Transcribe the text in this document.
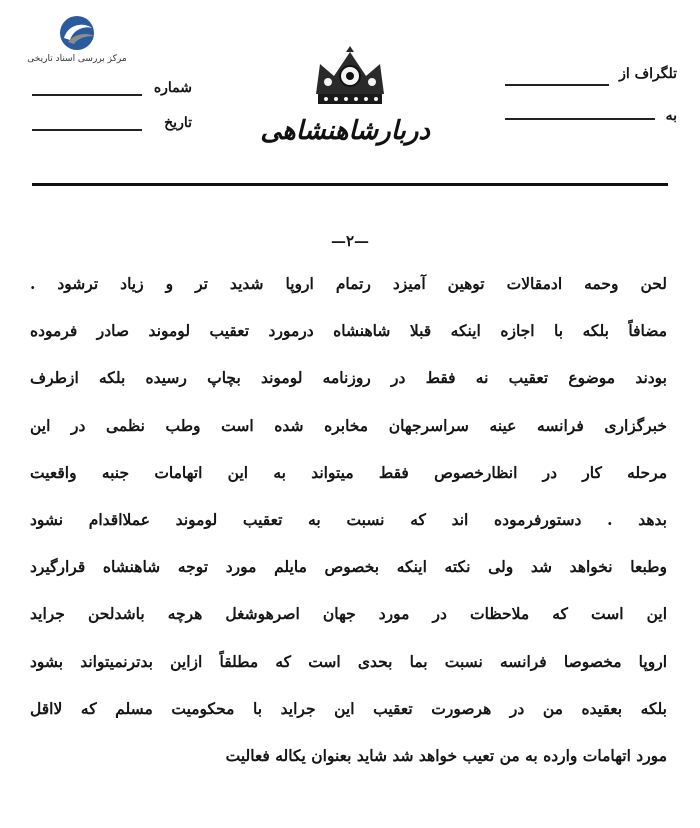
مرکز بررسی اسناد تاریخی
دربارشاهنشاهی
تلگراف از
به
شماره
تاریخ
—۲—
لحن وحمه ادمقالات توهین آمیزد رتمام اروپا شدید تر و زیاد ترشود .
مضافاً بلکه با اجازه اینکه قبلا شاهنشاه درمورد تعقیب لوموند صادر فرموده
بودند موضوع تعقیب نه فقط در روزنامه لوموند بچاپ رسیده بلکه ازطرف
خبرگزاری فرانسه عینه سراسرجهان مخابره شده است وطب نظمی در این
مرحله کار در انظارخصوص فقط میتواند به این اتهامات جنبه واقعیت
بدهد . دستورفرموده اند که نسبت به تعقیب لوموند عملااقدام نشود
وطبعا نخواهد شد ولی نکته اینکه بخصوص مایلم مورد توجه شاهنشاه قرارگیرد
این است که ملاحظات در مورد جهان اصرهوشغل هرچه باشدلحن جراید
اروپا مخصوصا فرانسه نسبت بما بحدی است که مطلقاً ازاین بدترنمیتواند بشود
بلکه بعقیده من در هرصورت تعقیب این جراید با محکومیت مسلم که لااقل
مورد اتهامات وارده به من تعیب خواهد شد شاید بعنوان یکاله فعالیت
